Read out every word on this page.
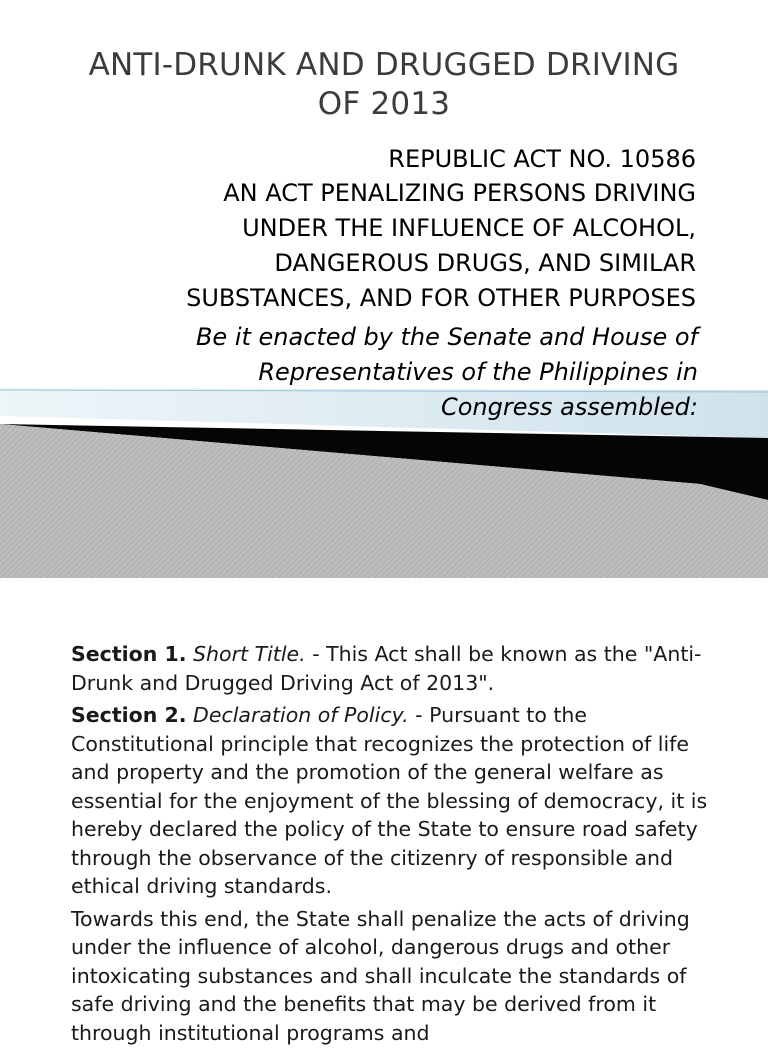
ANTI-DRUNK AND DRUGGED DRIVING
OF 2013
REPUBLIC ACT NO. 10586
AN ACT PENALIZING PERSONS DRIVING
UNDER THE INFLUENCE OF ALCOHOL,
DANGEROUS DRUGS, AND SIMILAR
SUBSTANCES, AND FOR OTHER PURPOSES
Be it enacted by the Senate and House of
Representatives of the Philippines in
Congress assembled:

Section 1. Short Title. - This Act shall be known as the "Anti-Drunk and Drugged Driving Act of 2013".

Section 2. Declaration of Policy. - Pursuant to the Constitutional principle that recognizes the protection of life and property and the promotion of the general welfare as essential for the enjoyment of the blessing of democracy, it is hereby declared the policy of the State to ensure road safety through the observance of the citizenry of responsible and ethical driving standards.

Towards this end, the State shall penalize the acts of driving under the influence of alcohol, dangerous drugs and other intoxicating substances and shall inculcate the standards of safe driving and the benefits that may be derived from it through institutional programs and
